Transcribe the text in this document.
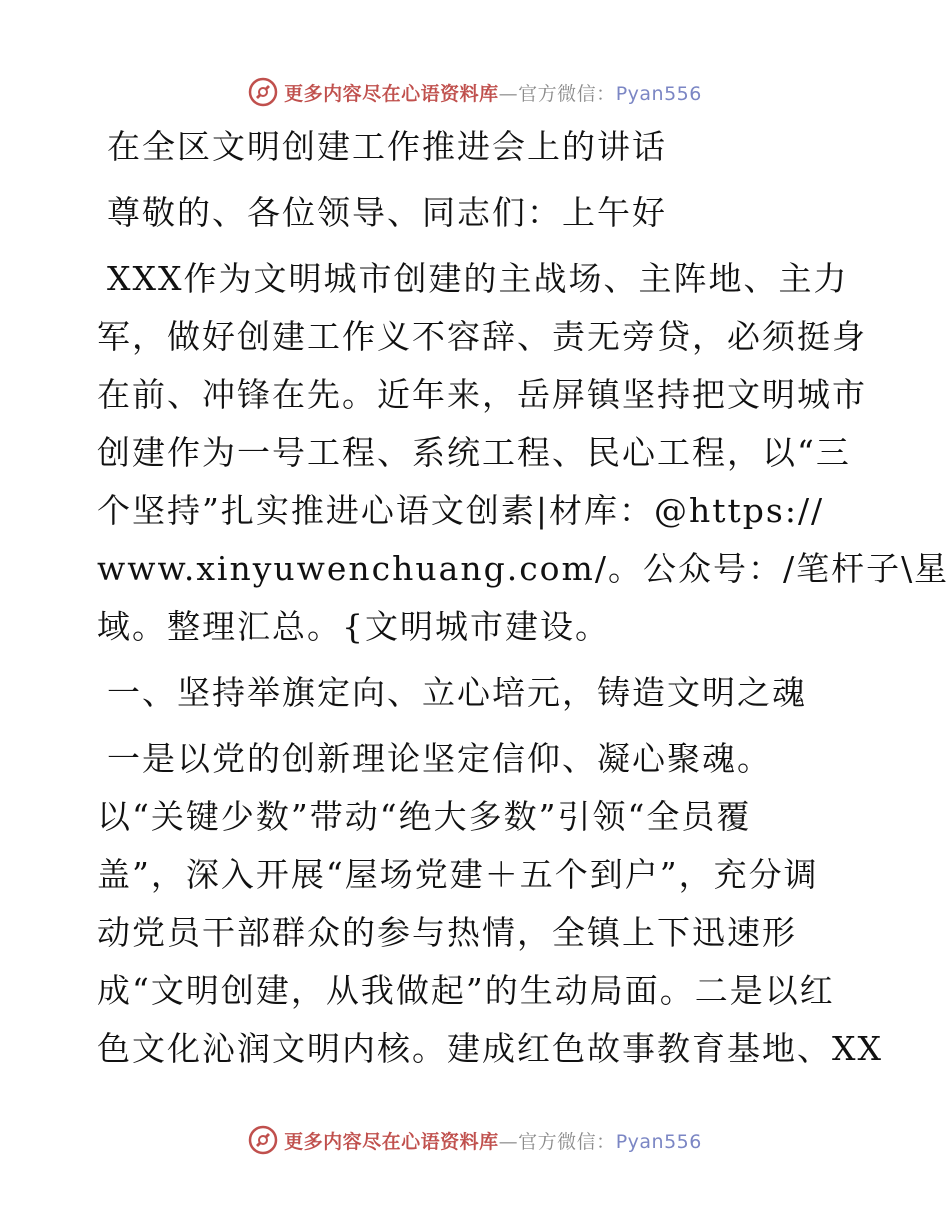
更多内容尽在心语资料库—官方微信：Pyan556
在全区文明创建工作推进会上的讲话
尊敬的、各位领导、同志们：上午好
XXX作为文明城市创建的主战场、主阵地、主力
军，做好创建工作义不容辞、责无旁贷，必须挺身
在前、冲锋在先。近年来，岳屏镇坚持把文明城市
创建作为一号工程、系统工程、民心工程，以“三
个坚持”扎实推进心语文创素|材库：@https://
www.xinyuwenchuang.com/。公众号：/笔杆子\星
域。整理汇总。{文明城市建设。
一、坚持举旗定向、立心培元，铸造文明之魂
一是以党的创新理论坚定信仰、凝心聚魂。
以“关键少数”带动“绝大多数”引领“全员覆
盖”，深入开展“屋场党建＋五个到户”，充分调
动党员干部群众的参与热情，全镇上下迅速形
成“文明创建，从我做起”的生动局面。二是以红
色文化沁润文明内核。建成红色故事教育基地、XX
更多内容尽在心语资料库—官方微信：Pyan556
